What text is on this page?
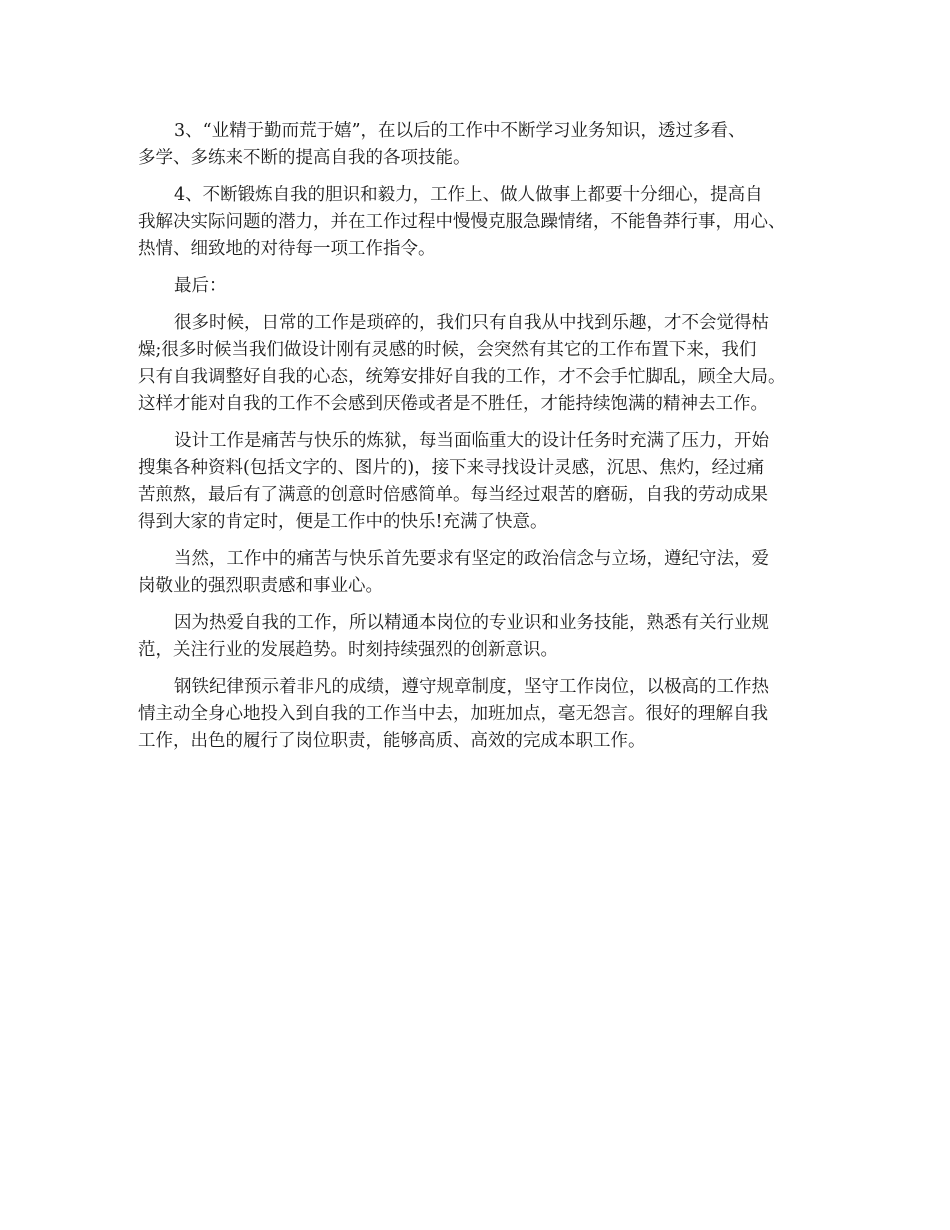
3、“业精于勤而荒于嬉”，在以后的工作中不断学习业务知识，透过多看、
多学、多练来不断的提高自我的各项技能。
4、不断锻炼自我的胆识和毅力，工作上、做人做事上都要十分细心，提高自
我解决实际问题的潜力，并在工作过程中慢慢克服急躁情绪，不能鲁莽行事，用心、
热情、细致地的对待每一项工作指令。
最后：
很多时候，日常的工作是琐碎的，我们只有自我从中找到乐趣，才不会觉得枯
燥;很多时候当我们做设计刚有灵感的时候，会突然有其它的工作布置下来，我们
只有自我调整好自我的心态，统筹安排好自我的工作，才不会手忙脚乱，顾全大局。
这样才能对自我的工作不会感到厌倦或者是不胜任，才能持续饱满的精神去工作。
设计工作是痛苦与快乐的炼狱，每当面临重大的设计任务时充满了压力，开始
搜集各种资料(包括文字的、图片的)，接下来寻找设计灵感，沉思、焦灼，经过痛
苦煎熬，最后有了满意的创意时倍感简单。每当经过艰苦的磨砺，自我的劳动成果
得到大家的肯定时，便是工作中的快乐!充满了快意。
当然，工作中的痛苦与快乐首先要求有坚定的政治信念与立场，遵纪守法，爱
岗敬业的强烈职责感和事业心。
因为热爱自我的工作，所以精通本岗位的专业识和业务技能，熟悉有关行业规
范，关注行业的发展趋势。时刻持续强烈的创新意识。
钢铁纪律预示着非凡的成绩，遵守规章制度，坚守工作岗位，以极高的工作热
情主动全身心地投入到自我的工作当中去，加班加点，毫无怨言。很好的理解自我
工作，出色的履行了岗位职责，能够高质、高效的完成本职工作。
